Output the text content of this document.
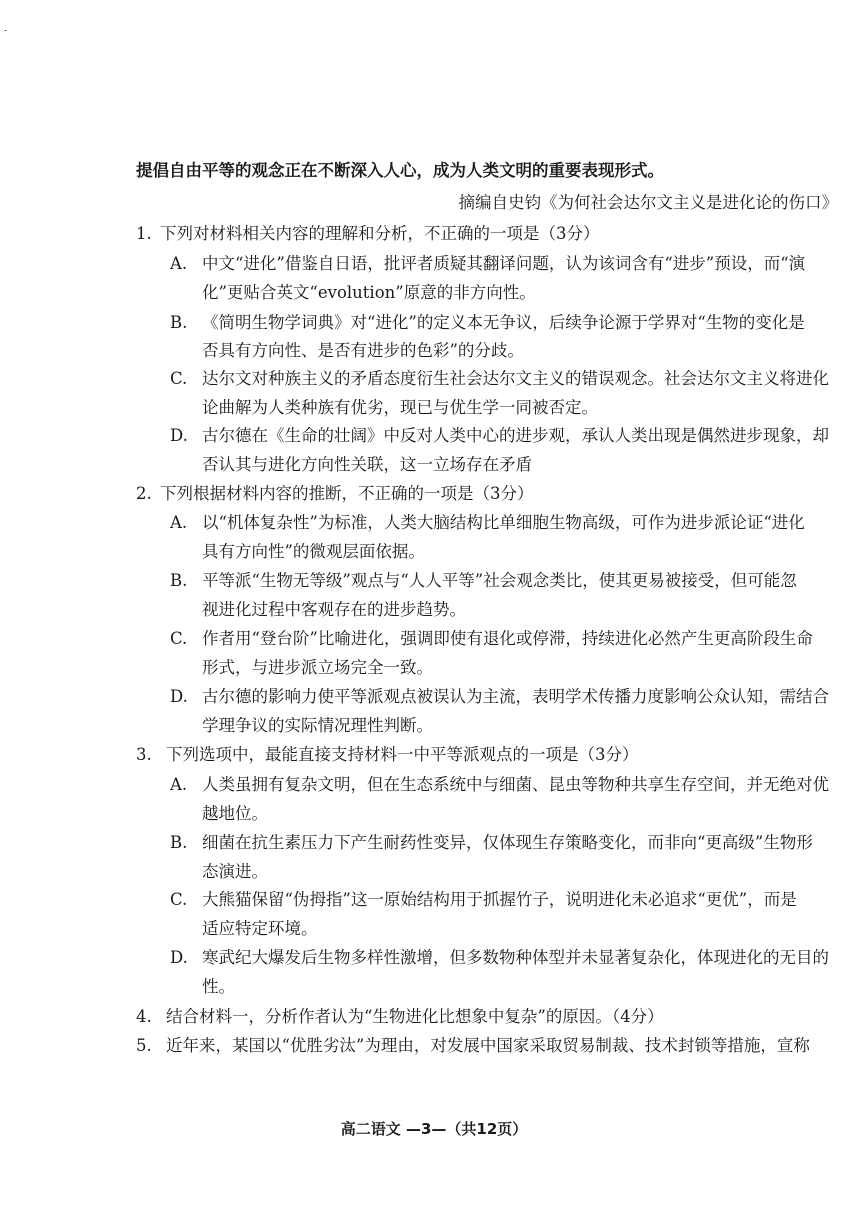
提倡自由平等的观念正在不断深入人心，成为人类文明的重要表现形式。
摘编自史钧《为何社会达尔文主义是进化论的伤口》
1. 下列对材料相关内容的理解和分析，不正确的一项是（3分）
A. 中文“进化”借鉴自日语，批评者质疑其翻译问题，认为该词含有“进步”预设，而“演
化”更贴合英文“evolution”原意的非方向性。
B. 《简明生物学词典》对“进化”的定义本无争议，后续争论源于学界对“生物的变化是
否具有方向性、是否有进步的色彩”的分歧。
C. 达尔文对种族主义的矛盾态度衍生社会达尔文主义的错误观念。社会达尔文主义将进化
论曲解为人类种族有优劣，现已与优生学一同被否定。
D. 古尔德在《生命的壮阔》中反对人类中心的进步观，承认人类出现是偶然进步现象，却
否认其与进化方向性关联，这一立场存在矛盾
2. 下列根据材料内容的推断，不正确的一项是（3分）
A. 以“机体复杂性”为标准，人类大脑结构比单细胞生物高级，可作为进步派论证“进化
具有方向性”的微观层面依据。
B. 平等派“生物无等级”观点与“人人平等”社会观念类比，使其更易被接受，但可能忽
视进化过程中客观存在的进步趋势。
C. 作者用“登台阶”比喻进化，强调即使有退化或停滞，持续进化必然产生更高阶段生命
形式，与进步派立场完全一致。
D. 古尔德的影响力使平等派观点被误认为主流，表明学术传播力度影响公众认知，需结合
学理争议的实际情况理性判断。
3. 下列选项中，最能直接支持材料一中平等派观点的一项是（3分）
A. 人类虽拥有复杂文明，但在生态系统中与细菌、昆虫等物种共享生存空间，并无绝对优
越地位。
B. 细菌在抗生素压力下产生耐药性变异，仅体现生存策略变化，而非向“更高级”生物形
态演进。
C. 大熊猫保留“伪拇指”这一原始结构用于抓握竹子，说明进化未必追求“更优”，而是
适应特定环境。
D. 寒武纪大爆发后生物多样性激增，但多数物种体型并未显著复杂化，体现进化的无目的
性。
4. 结合材料一，分析作者认为“生物进化比想象中复杂”的原因。（4分）
5. 近年来，某国以“优胜劣汰”为理由，对发展中国家采取贸易制裁、技术封锁等措施，宣称
高二语文 —3—（共12页）
